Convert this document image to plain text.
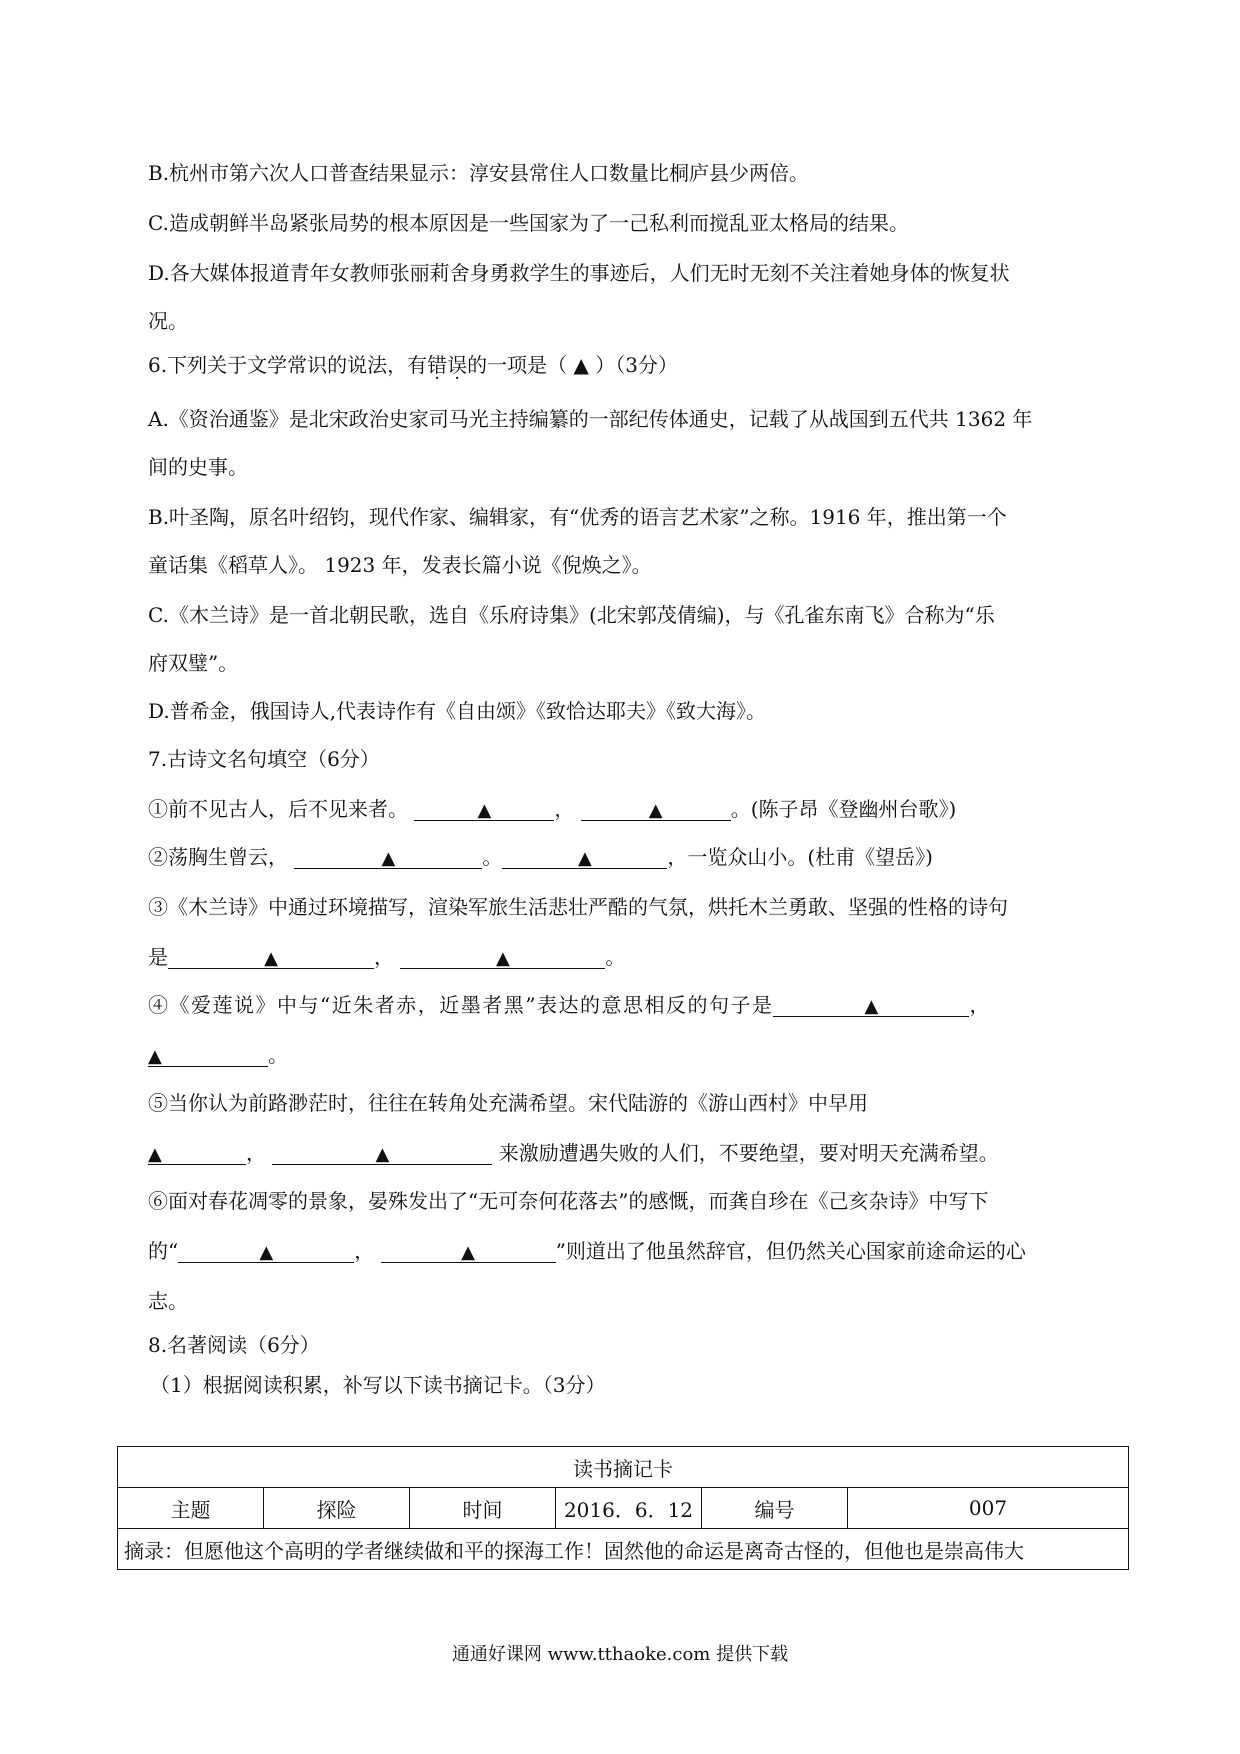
B.杭州市第六次人口普查结果显示：淳安县常住人口数量比桐庐县少两倍。
C.造成朝鲜半岛紧张局势的根本原因是一些国家为了一己私利而搅乱亚太格局的结果。
D.各大媒体报道青年女教师张丽莉舍身勇救学生的事迹后，人们无时无刻不关注着她身体的恢复状
况。
6.下列关于文学常识的说法，有错误的一项是（ ▲ ）（3分）
A.《资治通鉴》是北宋政治史家司马光主持编纂的一部纪传体通史，记载了从战国到五代共 1362 年
间的史事。
B.叶圣陶，原名叶绍钧，现代作家、编辑家，有“优秀的语言艺术家”之称。1916 年，推出第一个
童话集《稻草人》。 1923 年，发表长篇小说《倪焕之》。
C.《木兰诗》是一首北朝民歌，选自《乐府诗集》(北宋郭茂倩编)，与《孔雀东南飞》合称为“乐
府双璧”。
D.普希金，俄国诗人,代表诗作有《自由颂》《致恰达耶夫》《致大海》。
7.古诗文名句填空（6分）
①前不见古人，后不见来者。	▲	，	▲	。(陈子昂《登幽州台歌》)
②荡胸生曾云，	▲	。	▲	，一览众山小。(杜甫《望岳》)
③《木兰诗》中通过环境描写，渲染军旅生活悲壮严酷的气氛，烘托木兰勇敢、坚强的性格的诗句
是	▲	，	▲	。
④《爱莲说》中与“近朱者赤，近墨者黑”表达的意思相反的句子是	▲	，
▲	。
⑤当你认为前路渺茫时，往往在转角处充满希望。宋代陆游的《游山西村》中早用
▲	，	▲	来激励遭遇失败的人们，不要绝望，要对明天充满希望。
⑥面对春花凋零的景象，晏殊发出了“无可奈何花落去”的感慨，而龚自珍在《己亥杂诗》中写下
的“	▲	，	▲	”则道出了他虽然辞官，但仍然关心国家前途命运的心
志。
8.名著阅读（6分）
（1）根据阅读积累，补写以下读书摘记卡。（3分）
读书摘记卡
主题	探险	时间	2016．6．12	编号	007
摘录：但愿他这个高明的学者继续做和平的探海工作！固然他的命运是离奇古怪的，但他也是崇高伟大
通通好课网 www.tthaoke.com 提供下载
